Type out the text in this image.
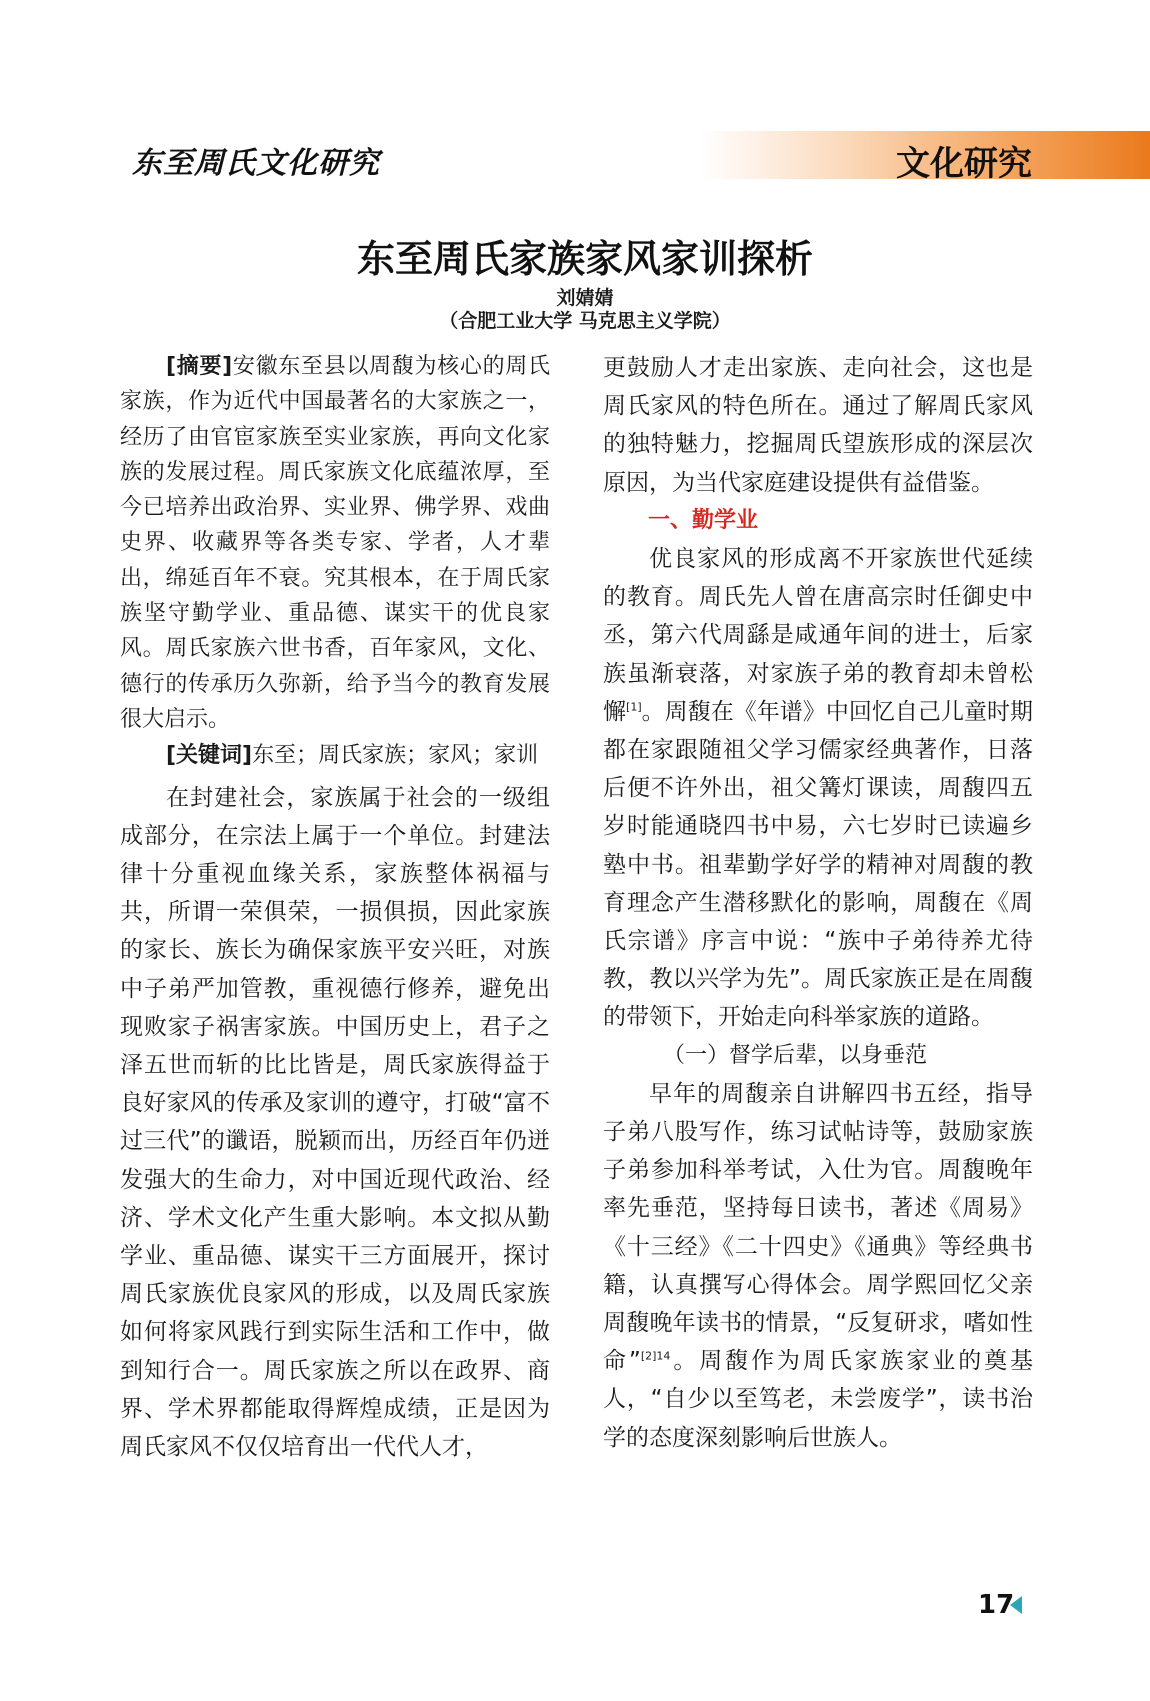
东至周氏文化研究	文化研究
东至周氏家族家风家训探析
刘婧婧
（合肥工业大学 马克思主义学院）

[摘要]安徽东至县以周馥为核心的周氏家族，作为近代中国最著名的大家族之一，经历了由官宦家族至实业家族，再向文化家族的发展过程。周氏家族文化底蕴浓厚，至今已培养出政治界、实业界、佛学界、戏曲史界、收藏界等各类专家、学者，人才辈出，绵延百年不衰。究其根本，在于周氏家族坚守勤学业、重品德、谋实干的优良家风。周氏家族六世书香，百年家风，文化、德行的传承历久弥新，给予当今的教育发展很大启示。

[关键词]东至；周氏家族；家风；家训

在封建社会，家族属于社会的一级组成部分，在宗法上属于一个单位。封建法律十分重视血缘关系，家族整体祸福与共，所谓一荣俱荣，一损俱损，因此家族的家长、族长为确保家族平安兴旺，对族中子弟严加管教，重视德行修养，避免出现败家子祸害家族。中国历史上，君子之泽五世而斩的比比皆是，周氏家族得益于良好家风的传承及家训的遵守，打破“富不过三代”的谶语，脱颖而出，历经百年仍迸发强大的生命力，对中国近现代政治、经济、学术文化产生重大影响。本文拟从勤学业、重品德、谋实干三方面展开，探讨周氏家族优良家风的形成，以及周氏家族如何将家风践行到实际生活和工作中，做到知行合一。周氏家族之所以在政界、商界、学术界都能取得辉煌成绩，正是因为周氏家风不仅仅培育出一代代人才，

更鼓励人才走出家族、走向社会，这也是周氏家风的特色所在。通过了解周氏家风的独特魅力，挖掘周氏望族形成的深层次原因，为当代家庭建设提供有益借鉴。

一、勤学业

优良家风的形成离不开家族世代延续的教育。周氏先人曾在唐高宗时任御史中丞，第六代周繇是咸通年间的进士，后家族虽渐衰落，对家族子弟的教育却未曾松懈[1]。周馥在《年谱》中回忆自己儿童时期都在家跟随祖父学习儒家经典著作，日落后便不许外出，祖父篝灯课读，周馥四五岁时能通晓四书中易，六七岁时已读遍乡塾中书。祖辈勤学好学的精神对周馥的教育理念产生潜移默化的影响，周馥在《周氏宗谱》序言中说：“族中子弟待养尤待教，教以兴学为先”。周氏家族正是在周馥的带领下，开始走向科举家族的道路。

（一）督学后辈，以身垂范

早年的周馥亲自讲解四书五经，指导子弟八股写作，练习试帖诗等，鼓励家族子弟参加科举考试，入仕为官。周馥晚年率先垂范，坚持每日读书，著述《周易》《十三经》《二十四史》《通典》等经典书籍，认真撰写心得体会。周学熙回忆父亲周馥晚年读书的情景，“反复研求，嗜如性命”$^{[2]14}$。周馥作为周氏家族家业的奠基人，“自少以至笃老，未尝废学”，读书治学的态度深刻影响后世族人。

17
